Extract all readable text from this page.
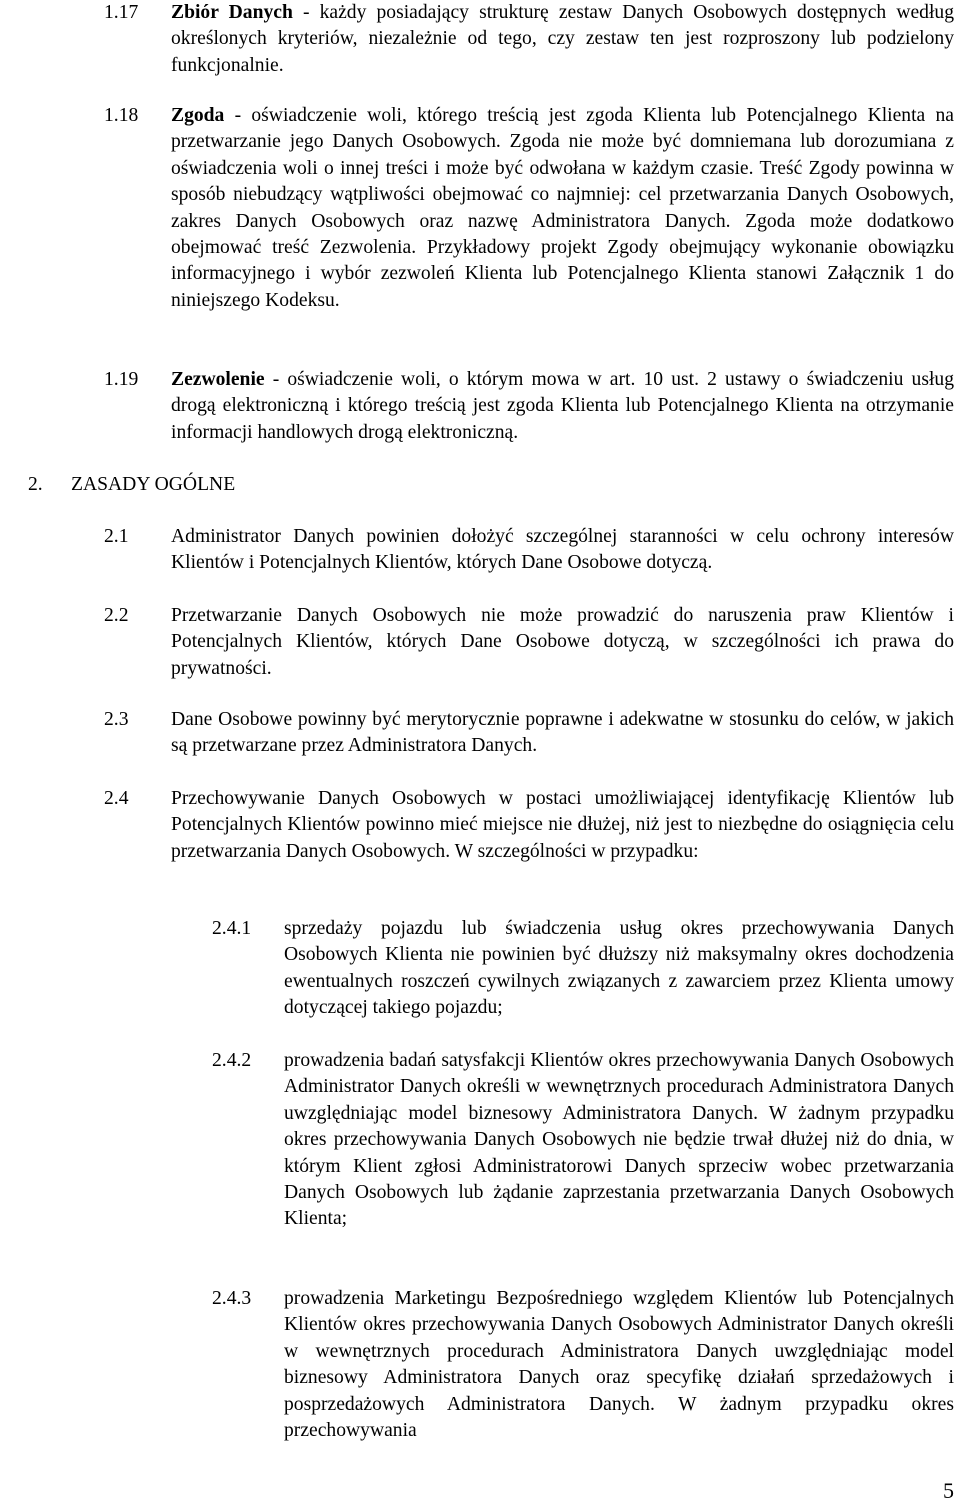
1.17 Zbiór Danych - każdy posiadający strukturę zestaw Danych Osobowych dostępnych według określonych kryteriów, niezależnie od tego, czy zestaw ten jest rozproszony lub podzielony funkcjonalnie.
1.18 Zgoda - oświadczenie woli, którego treścią jest zgoda Klienta lub Potencjalnego Klienta na przetwarzanie jego Danych Osobowych. Zgoda nie może być domniemana lub dorozumiana z oświadczenia woli o innej treści i może być odwołana w każdym czasie. Treść Zgody powinna w sposób niebudzący wątpliwości obejmować co najmniej: cel przetwarzania Danych Osobowych, zakres Danych Osobowych oraz nazwę Administratora Danych. Zgoda może dodatkowo obejmować treść Zezwolenia. Przykładowy projekt Zgody obejmujący wykonanie obowiązku informacyjnego i wybór zezwoleń Klienta lub Potencjalnego Klienta stanowi Załącznik 1 do niniejszego Kodeksu.
1.19 Zezwolenie - oświadczenie woli, o którym mowa w art. 10 ust. 2 ustawy o świadczeniu usług drogą elektroniczną i którego treścią jest zgoda Klienta lub Potencjalnego Klienta na otrzymanie informacji handlowych drogą elektroniczną.
2. ZASADY OGÓLNE
2.1 Administrator Danych powinien dołożyć szczególnej staranności w celu ochrony interesów Klientów i Potencjalnych Klientów, których Dane Osobowe dotyczą.
2.2 Przetwarzanie Danych Osobowych nie może prowadzić do naruszenia praw Klientów i Potencjalnych Klientów, których Dane Osobowe dotyczą, w szczególności ich prawa do prywatności.
2.3 Dane Osobowe powinny być merytorycznie poprawne i adekwatne w stosunku do celów, w jakich są przetwarzane przez Administratora Danych.
2.4 Przechowywanie Danych Osobowych w postaci umożliwiającej identyfikację Klientów lub Potencjalnych Klientów powinno mieć miejsce nie dłużej, niż jest to niezbędne do osiągnięcia celu przetwarzania Danych Osobowych. W szczególności w przypadku:
2.4.1 sprzedaży pojazdu lub świadczenia usług okres przechowywania Danych Osobowych Klienta nie powinien być dłuższy niż maksymalny okres dochodzenia ewentualnych roszczeń cywilnych związanych z zawarciem przez Klienta umowy dotyczącej takiego pojazdu;
2.4.2 prowadzenia badań satysfakcji Klientów okres przechowywania Danych Osobowych Administrator Danych określi w wewnętrznych procedurach Administratora Danych uwzględniając model biznesowy Administratora Danych. W żadnym przypadku okres przechowywania Danych Osobowych nie będzie trwał dłużej niż do dnia, w którym Klient zgłosi Administratorowi Danych sprzeciw wobec przetwarzania Danych Osobowych lub żądanie zaprzestania przetwarzania Danych Osobowych Klienta;
2.4.3 prowadzenia Marketingu Bezpośredniego względem Klientów lub Potencjalnych Klientów okres przechowywania Danych Osobowych Administrator Danych określi w wewnętrznych procedurach Administratora Danych uwzględniając model biznesowy Administratora Danych oraz specyfikę działań sprzedażowych i posprzedażowych Administratora Danych. W żadnym przypadku okres przechowywania
5
